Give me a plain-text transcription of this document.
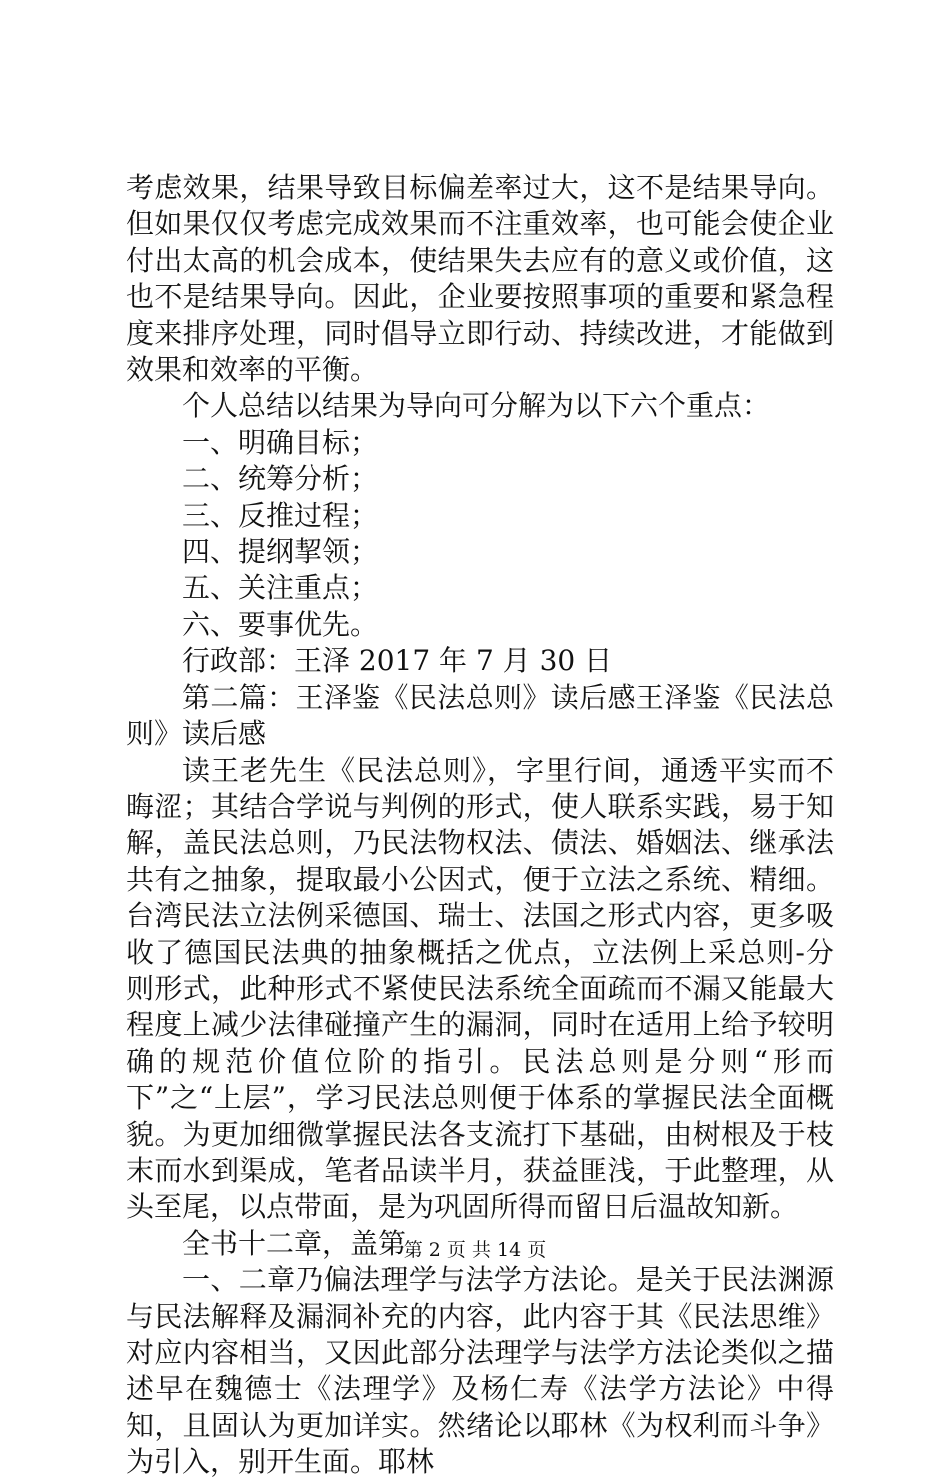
考虑效果，结果导致目标偏差率过大，这不是结果导向。但如果仅仅考虑完成效果而不注重效率，也可能会使企业付出太高的机会成本，使结果失去应有的意义或价值，这也不是结果导向。因此，企业要按照事项的重要和紧急程度来排序处理，同时倡导立即行动、持续改进，才能做到效果和效率的平衡。

个人总结以结果为导向可分解为以下六个重点：

一、明确目标；

二、统筹分析；

三、反推过程；

四、提纲挈领；

五、关注重点；

六、要事优先。

行政部：王泽 2017 年 7 月 30 日

第二篇：王泽鉴《民法总则》读后感王泽鉴《民法总则》读后感

读王老先生《民法总则》，字里行间，通透平实而不晦涩；其结合学说与判例的形式，使人联系实践，易于知解，盖民法总则，乃民法物权法、债法、婚姻法、继承法共有之抽象，提取最小公因式，便于立法之系统、精细。台湾民法立法例采德国、瑞士、法国之形式内容，更多吸收了德国民法典的抽象概括之优点，立法例上采总则-分则形式，此种形式不紧使民法系统全面疏而不漏又能最大程度上减少法律碰撞产生的漏洞，同时在适用上给予较明确的规范价值位阶的指引。民法总则是分则“形而下”之“上层”，学习民法总则便于体系的掌握民法全面概貌。为更加细微掌握民法各支流打下基础，由树根及于枝末而水到渠成，笔者品读半月，获益匪浅，于此整理，从头至尾，以点带面，是为巩固所得而留日后温故知新。

全书十二章，盖第

一、二章乃偏法理学与法学方法论。是关于民法渊源与民法解释及漏洞补充的内容，此内容于其《民法思维》对应内容相当，又因此部分法理学与法学方法论类似之描述早在魏德士《法理学》及杨仁寿《法学方法论》中得知，且固认为更加详实。然绪论以耶林《为权利而斗争》为引入，别开生面。耶林

第 2 页 共 14 页
